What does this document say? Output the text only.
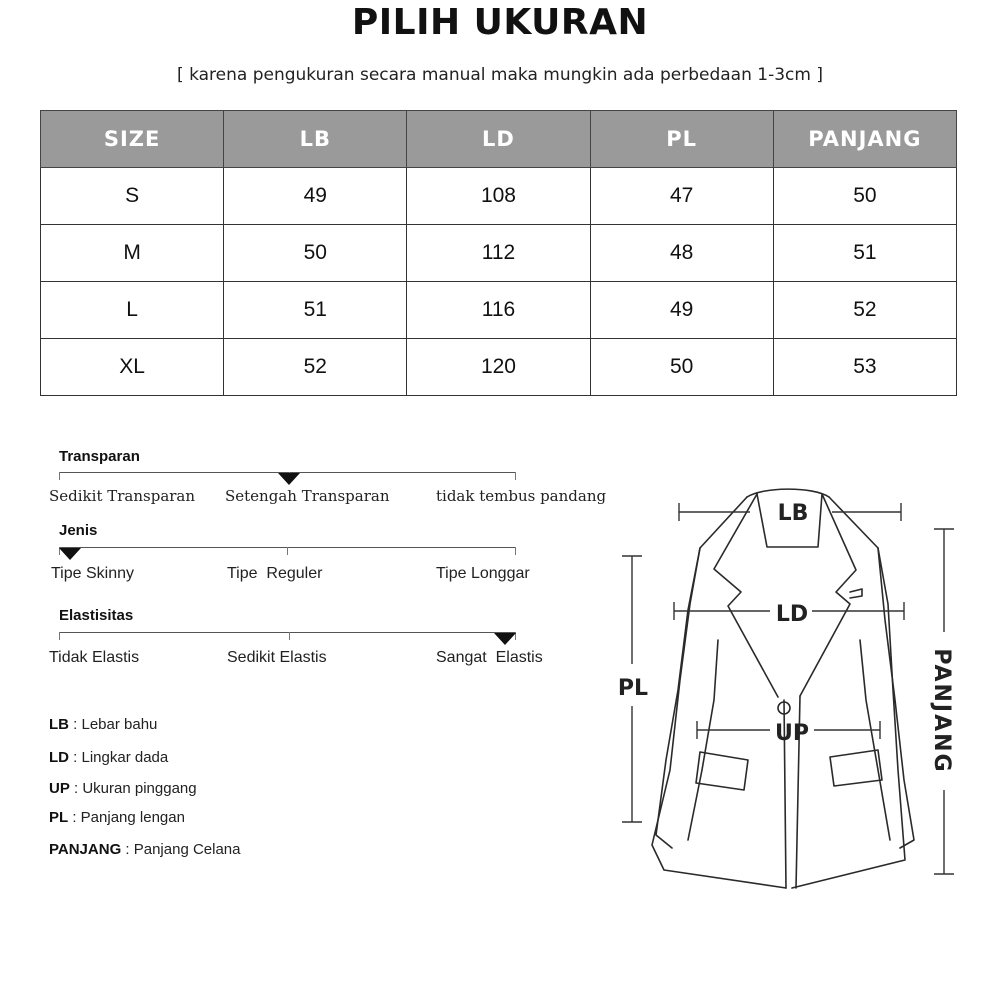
PILIH UKURAN
[ karena pengukuran secara manual maka mungkin ada perbedaan 1-3cm ]
SIZE	LB	LD	PL	PANJANG
S	49	108	47	50
M	50	112	48	51
L	51	116	49	52
XL	52	120	50	53
Transparan
Sedikit Transparan Setengah Transparan	tidak tembus pandang
Jenis
Tipe Skinny	Tipe  Reguler	Tipe Longgar
Elastisitas
Tidak Elastis	Sedikit Elastis	Sangat  Elastis
LB : Lebar bahu
LD : Lingkar dada
UP : Ukuran pinggang
PL : Panjang lengan
PANJANG : Panjang Celana
LB
LD
UP
PL	PANJANG
